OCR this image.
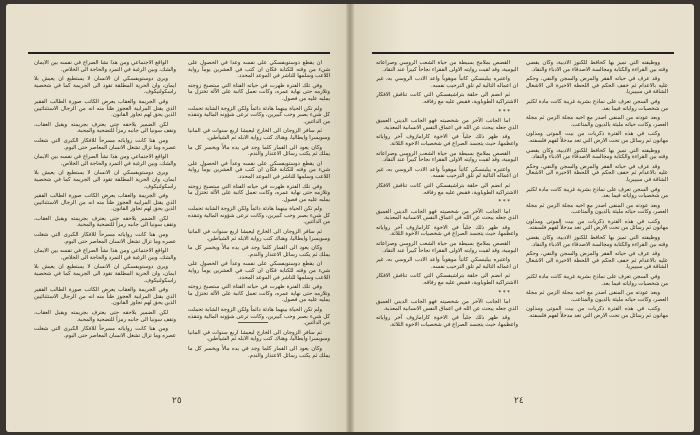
ان يقطع دوستويفسكي على نفسه وعداً في الحصول على شيء من وقته للكتابة فكان ان كتب في العشرين يوماً رواية اللاعب وسلمها للناشر في الموعد المحدد.

وفي تلك الفترة ظهرت في حياته الفتاة التي ستصبح زوجته وتلازمه حتى نهاية عمره، وكانت تعمل كاتبة على الآلة تختزل ما يمليه عليه من فصول.

ولم تكن الحياة بينهما هادئة دائماً ولكن الزوجة الشابة تحملت كل شيء بصبر وحب كبيرين، وكانت ترعى شؤونه المالية وتنقذه من الدائنين.

ثم سافر الزوجان الى الخارج ليعيشا اربع سنوات في المانيا وسويسرا وايطاليا، وهناك كتب رواية الابله ثم الشياطين.

وكان يعود الى القمار كلما وجد في يده مالاً ويخسر كل ما يملك ثم يكتب رسائل الاعتذار والندم.

ان يقطع دوستويفسكي على نفسه وعداً في الحصول على شيء من وقته للكتابة فكان ان كتب في العشرين يوماً رواية اللاعب وسلمها للناشر في الموعد المحدد.

وفي تلك الفترة ظهرت في حياته الفتاة التي ستصبح زوجته وتلازمه حتى نهاية عمره، وكانت تعمل كاتبة على الآلة تختزل ما يمليه عليه من فصول.

ولم تكن الحياة بينهما هادئة دائماً ولكن الزوجة الشابة تحملت كل شيء بصبر وحب كبيرين، وكانت ترعى شؤونه المالية وتنقذه من الدائنين.

ثم سافر الزوجان الى الخارج ليعيشا اربع سنوات في المانيا وسويسرا وايطاليا، وهناك كتب رواية الابله ثم الشياطين.

وكان يعود الى القمار كلما وجد في يده مالاً ويخسر كل ما يملك ثم يكتب رسائل الاعتذار والندم.

ان يقطع دوستويفسكي على نفسه وعداً في الحصول على شيء من وقته للكتابة فكان ان كتب في العشرين يوماً رواية اللاعب وسلمها للناشر في الموعد المحدد.

وفي تلك الفترة ظهرت في حياته الفتاة التي ستصبح زوجته وتلازمه حتى نهاية عمره، وكانت تعمل كاتبة على الآلة تختزل ما يمليه عليه من فصول.

ولم تكن الحياة بينهما هادئة دائماً ولكن الزوجة الشابة تحملت كل شيء بصبر وحب كبيرين، وكانت ترعى شؤونه المالية وتنقذه من الدائنين.

ثم سافر الزوجان الى الخارج ليعيشا اربع سنوات في المانيا وسويسرا وايطاليا، وهناك كتب رواية الابله ثم الشياطين.

وكان يعود الى القمار كلما وجد في يده مالاً ويخسر كل ما يملك ثم يكتب رسائل الاعتذار والندم.

الواقع الاجتماعي ومن هذا نشأ الصراع في نفسه بين الايمان والشك، وبين الرغبة في التمرد والحاجة الى الخلاص.

ويرى دوستويفسكي ان الانسان لا يستطيع ان يعيش بلا ايمان، وان الحرية المطلقة تقود الى الجريمة كما في شخصية راسكولنيكوف.

وفي الجريمة والعقاب يعرض الكاتب صورة الطالب الفقير الذي يقتل المرابية العجوز ظناً منه انه من الرجال الاستثنائيين الذين يحق لهم تجاوز القانون.

لكن الضمير يلاحقه حتى يعترف بجريمته ويقبل العقاب، وتقف سونيا الى جانبه رمزاً للتضحية والمحبة.

ومن هنا كانت رواياته مسرحاً للافكار الكبرى التي شغلت عصره وما تزال تشغل الانسان المعاصر حتى اليوم.

الواقع الاجتماعي ومن هذا نشأ الصراع في نفسه بين الايمان والشك، وبين الرغبة في التمرد والحاجة الى الخلاص.

ويرى دوستويفسكي ان الانسان لا يستطيع ان يعيش بلا ايمان، وان الحرية المطلقة تقود الى الجريمة كما في شخصية راسكولنيكوف.

وفي الجريمة والعقاب يعرض الكاتب صورة الطالب الفقير الذي يقتل المرابية العجوز ظناً منه انه من الرجال الاستثنائيين الذين يحق لهم تجاوز القانون.

لكن الضمير يلاحقه حتى يعترف بجريمته ويقبل العقاب، وتقف سونيا الى جانبه رمزاً للتضحية والمحبة.

ومن هنا كانت رواياته مسرحاً للافكار الكبرى التي شغلت عصره وما تزال تشغل الانسان المعاصر حتى اليوم.

الواقع الاجتماعي ومن هذا نشأ الصراع في نفسه بين الايمان والشك، وبين الرغبة في التمرد والحاجة الى الخلاص.

ويرى دوستويفسكي ان الانسان لا يستطيع ان يعيش بلا ايمان، وان الحرية المطلقة تقود الى الجريمة كما في شخصية راسكولنيكوف.

وفي الجريمة والعقاب يعرض الكاتب صورة الطالب الفقير الذي يقتل المرابية العجوز ظناً منه انه من الرجال الاستثنائيين الذين يحق لهم تجاوز القانون.

لكن الضمير يلاحقه حتى يعترف بجريمته ويقبل العقاب، وتقف سونيا الى جانبه رمزاً للتضحية والمحبة.

ومن هنا كانت رواياته مسرحاً للافكار الكبرى التي شغلت عصره وما تزال تشغل الانسان المعاصر حتى اليوم.

٢٥

ووظيفته التي تميز بها كحافظ للكنوز الادبية، وكان يقضي وقته بين القراءة والكتابة ومجالسة الاصدقاء من الادباء والنقاد.

وقد عرف في حياته الفقر والمرض والسجن والنفي، وحكم عليه بالاعدام ثم خفف الحكم في اللحظة الاخيرة الى الاشغال الشاقة في سيبيريا.

وفي السجن تعرف على نماذج بشرية غريبة كانت مادة لكثير من شخصيات رواياته فيما بعد.

وبعد عودته من المنفى اصدر مع اخيه مجلة الزمن ثم مجلة العصر، وكانت حياته مليئة بالديون والمتاعب.

وكتب في هذه الفترة ذكريات من بيت الموتى ومذلون مهانون ثم رسائل من تحت الارض التي تعد مدخلاً لفهم فلسفته.

ووظيفته التي تميز بها كحافظ للكنوز الادبية، وكان يقضي وقته بين القراءة والكتابة ومجالسة الاصدقاء من الادباء والنقاد.

وقد عرف في حياته الفقر والمرض والسجن والنفي، وحكم عليه بالاعدام ثم خفف الحكم في اللحظة الاخيرة الى الاشغال الشاقة في سيبيريا.

وفي السجن تعرف على نماذج بشرية غريبة كانت مادة لكثير من شخصيات رواياته فيما بعد.

وبعد عودته من المنفى اصدر مع اخيه مجلة الزمن ثم مجلة العصر، وكانت حياته مليئة بالديون والمتاعب.

وكتب في هذه الفترة ذكريات من بيت الموتى ومذلون مهانون ثم رسائل من تحت الارض التي تعد مدخلاً لفهم فلسفته.

ووظيفته التي تميز بها كحافظ للكنوز الادبية، وكان يقضي وقته بين القراءة والكتابة ومجالسة الاصدقاء من الادباء والنقاد.

وقد عرف في حياته الفقر والمرض والسجن والنفي، وحكم عليه بالاعدام ثم خفف الحكم في اللحظة الاخيرة الى الاشغال الشاقة في سيبيريا.

وفي السجن تعرف على نماذج بشرية غريبة كانت مادة لكثير من شخصيات رواياته فيما بعد.

وبعد عودته من المنفى اصدر مع اخيه مجلة الزمن ثم مجلة العصر، وكانت حياته مليئة بالديون والمتاعب.

وكتب في هذه الفترة ذكريات من بيت الموتى ومذلون مهانون ثم رسائل من تحت الارض التي تعد مدخلاً لفهم فلسفته.

القصص بملامح بسيطة من حياة الشعب الروسي وصراعاته اليومية، وقد لقيت روايته الاولى الفقراء نجاحاً كبيراً عند النقاد.

واعتبره بيلينسكي كاتباً موهوباً واعد الادب الروسي به، غير ان اعماله التالية لم تلق الترحيب نفسه.

ثم انضم الى حلقة بتراشيفسكي التي كانت تناقش الافكار الاشتراكية الطوباوية، فقبض عليه مع رفاقه.

* * *

اما الجانب الآخر من شخصيته فهو الجانب الديني العميق الذي جعله يبحث عن الله في اعماق النفس الانسانية المعذبة.

وقد ظهر ذلك جلياً في الاخوة كارامازوف آخر رواياته واعظمها، حيث يتجسد الصراع في شخصيات الاخوة الثلاثة.

القصص بملامح بسيطة من حياة الشعب الروسي وصراعاته اليومية، وقد لقيت روايته الاولى الفقراء نجاحاً كبيراً عند النقاد.

واعتبره بيلينسكي كاتباً موهوباً واعد الادب الروسي به، غير ان اعماله التالية لم تلق الترحيب نفسه.

ثم انضم الى حلقة بتراشيفسكي التي كانت تناقش الافكار الاشتراكية الطوباوية، فقبض عليه مع رفاقه.

* * *

اما الجانب الآخر من شخصيته فهو الجانب الديني العميق الذي جعله يبحث عن الله في اعماق النفس الانسانية المعذبة.

وقد ظهر ذلك جلياً في الاخوة كارامازوف آخر رواياته واعظمها، حيث يتجسد الصراع في شخصيات الاخوة الثلاثة.

القصص بملامح بسيطة من حياة الشعب الروسي وصراعاته اليومية، وقد لقيت روايته الاولى الفقراء نجاحاً كبيراً عند النقاد.

واعتبره بيلينسكي كاتباً موهوباً واعد الادب الروسي به، غير ان اعماله التالية لم تلق الترحيب نفسه.

ثم انضم الى حلقة بتراشيفسكي التي كانت تناقش الافكار الاشتراكية الطوباوية، فقبض عليه مع رفاقه.

* * *

اما الجانب الآخر من شخصيته فهو الجانب الديني العميق الذي جعله يبحث عن الله في اعماق النفس الانسانية المعذبة.

وقد ظهر ذلك جلياً في الاخوة كارامازوف آخر رواياته واعظمها، حيث يتجسد الصراع في شخصيات الاخوة الثلاثة.

٢٤
